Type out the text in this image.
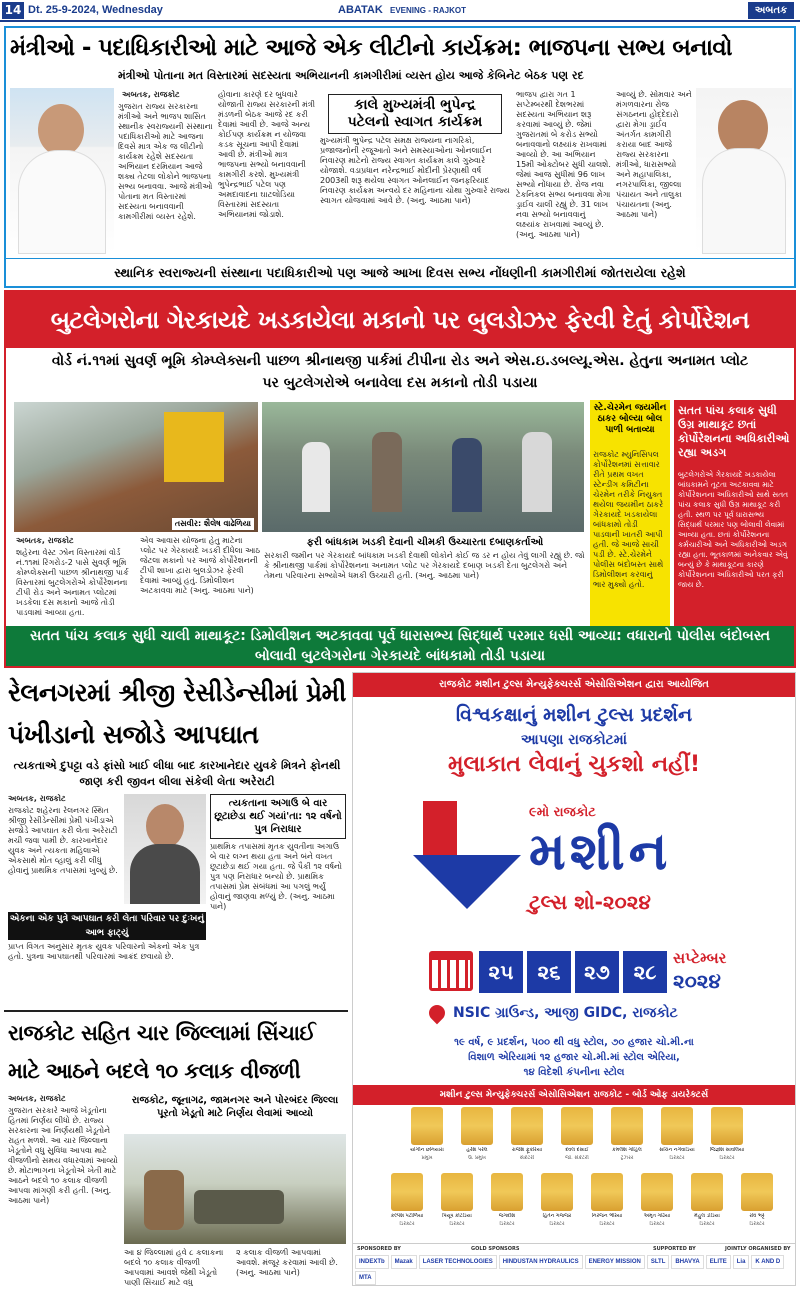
14 Dt. 25-9-2024, Wednesday	ABATAK EVENING - RAJKOT	અબતક
મંત્રીઓ - પદાધિકારીઓ માટે આજે એક લીટીનો કાર્યક્રમ: ભાજપના સભ્ય બનાવો
મંત્રીઓ પોતાના મત વિસ્તારમાં સદસ્યતા અભિયાનની કામગીરીમાં વ્યસ્ત હોય આજે કેબિનેટ બેઠક પણ રદ
અબતક, રાજકોટ
ગુજરાત રાજ્ય સરકારના મંત્રીઓ અને ભાજપ શાસિત સ્થાનીક સ્વરાજ્યની સંસ્થાના પદાધિકારીઓ માટે આજના દિવસે માત્ર એક જ લીટીનો કાર્યક્રમ રહેશે સદસ્યતા અભિયાન દરમિયાન આજે શક્ય તેટલા લોકોને ભાજપના સભ્ય બનાવવા. આજે મંત્રીઓ પોતાના મત વિસ્તારમાં સદસ્યતા બનાવવાની કામગીરીમાં વ્યસ્ત રહેશે.
હોવાના કારણે દર બુધવારે યોજાતી રાજ્ય સરકારની મંત્રી મંડળની બેઠક આજે રદ કરી દેવામાં આવી છે. આજે અન્ય કોઈપણ કાર્યક્રમ ન યોજવા કડક સૂચના આપી દેવામાં આવી છે. મંત્રીઓ માત્ર ભાજપના સભ્યો બનાવવાની કામગીરી કરશે. મુખ્યમંત્રી ભુપેન્દ્રભાઈ પટેલ પણ અમદાવાદના ઘાટલોડિયા વિસ્તારમાં સદસ્યતા અભિયાનમાં જોડાશે.
કાલે મુખ્યમંત્રી ભુપેન્દ્ર પટેલનો સ્વાગત કાર્યક્રમ
મુખ્યમંત્રી ભુપેન્દ્ર પટેલ સમક્ષ રાજ્યના નાગરિકો, પ્રજાજનોની રજૂઆતો અને સમસ્યાઓના ઓનલાઈન નિવારણ માટેનો રાજ્ય સ્વાગત કાર્યક્રમ કાલે ગુરુવારે યોજાશે. વડાપ્રધાન નરેન્દ્રભાઈ મોદીની પ્રેરણાથી વર્ષ 2003થી શરૂ થયેલા સ્વાગત ઓનલાઈન જનફરિયાદ નિવારણ કાર્યક્રમ અન્વયે દર મહિનાના ચોથા ગુરુવારે રાજ્ય સ્વાગત યોજવામાં આવે છે. (અનુ. આઠમા પાને)
ભાજપ દ્વારા ગત 1 સપ્ટેમ્બરથી દેશભરમાં સદસ્યતા અભિયાન શરૂ કરવામાં આવ્યું છે. જેમાં ગુજરાતમાં બે કરોડ સભ્યો બનાવવાનો લક્ષ્યાંક રાખવામાં આવ્યો છે. આ અભિયાન 15મી ઓક્ટોબર સુધી ચાલશે. જેમાં આજ સુધીમાં 96 લાખ સભ્યો નોંધાયા છે. રોજ નવા ટેકનિકલ સભ્ય બનાવવા મેગા ડ્રાઈવ ચાલી રહ્યું છે. 31 લાખ નવા સભ્યો બનાવવાનું લક્ષ્યાંક રાખવામાં આવ્યું છે. (અનુ. આઠમા પાને)
આવ્યું છે. સોમવાર અને મંગળવારના રોજ સંગઠનના હોદ્દેદારો દ્વારા મેગા ડ્રાઈવ અંતર્ગત કામગીરી કરાયા બાદ આજે રાજ્ય સરકારના મંત્રીઓ, ધારાસભ્યો અને મહાપાલિકા, નગરપાલિકા, જીલ્લા પંચાયત અને તાલુકા પંચાયતના (અનુ. આઠમા પાને)
સ્થાનિક સ્વરાજ્યની સંસ્થાના પદાધિકારીઓ પણ આજે આખા દિવસ સભ્ય નોંધણીની કામગીરીમાં જોતરાયેલા રહેશે
બુટલેગરોના ગેરકાયદે ખડકાયેલા મકાનો પર બુલડોઝર ફેરવી દેતું કોર્પોરેશન
વોર્ડ નં.૧૧માં સુવર્ણ ભૂમિ કોમ્પ્લેક્સની પાછળ શ્રીનાથજી પાર્કમાં ટીપીના રોડ અને એસ.ઇ.ડબલ્યૂ.એસ. હેતુના અનામત પ્લોટ પર બુટલેગરોએ બનાવેલા દસ મકાનો તોડી પડાયા
તસવીર: શૈલેષ વાઢેળિયા
સ્ટે.ચેરમેન જયમીન ઠાકર બોલ્યા બોલ પાળી બતાવ્યા
રાજકોટ મ્યુનિસિપલ કોર્પોરેશનમાં સત્તાવાર રીતે પ્રથમ વખત સ્ટેન્ડીંગ કમિટીના ચેરમેન તરીકે નિયુક્ત થયેલા જયમીન ઠાકરે ગેરકાયદે ખડકાયેલા બાંધકામો તોડી પાડવાની ખાતરી આપી હતી. જે આજે સાચી પડી છે. સ્ટે.ચેરમેને પોલીસ બંદોબસ્ત સાથે ડિમોલીશન કરવાનું ભાર મુક્યો હતો.
સતત પાંચ કલાક સુધી ઉગ્ર માથાકૂટ છતાં કોર્પોરેશનના અધિકારીઓ રહ્યા અડગ
બુટલેગરોએ ગેરકાયદે ખડકાયેલા બાંધકામને તૂટતા અટકાવવા માટે કોર્પોરેશનના અધિકારીઓ સાથે સતત પાંચ કલાક સુધી ઉગ્ર માથાકૂટ કરી હતી. સ્થળ પર પૂર્વ ધારાસભ્ય સિદ્ધાર્થ પરમાર પણ બોલાવી લેવામાં આવ્યા હતા. છતાં કોર્પોરેશનના કર્મચારીઓ અને અધિકારીઓ અડગ રહ્યા હતા. ભૂતકાળમાં અનેકવાર એવું બન્યું છે કે માથાકૂટના કારણે કોર્પોરેશનના અધિકારીઓ પરત ફરી જાય છે.
અબતક, રાજકોટ
શહેરના વેસ્ટ ઝોન વિસ્તારમાં વોર્ડ નં.૧૧માં રિંગરોડ-2 પાસે સુવર્ણ ભૂમિ કોમ્પ્લેક્સની પાછળ શ્રીનાથજી પાર્ક વિસ્તારમાં બુટલેગરોએ કોર્પોરેશનના ટીપી રોડ અને અનામત પ્લોટમાં ખડકેલા દસ મકાનો આજે તોડી પાડવામાં આવ્યા હતા.
એવ આવાસ યોજના હેતુ માટેના પ્લોટ પર ગેરકાયદે ખડકી દીધેલા આઠ જેટલા મકાનો પર આજે કોર્પોરેશનની ટીપી શાખા દ્વારા બુલડોઝર ફેરવી દેવામાં આવ્યું હતું. ડિમોલીશન અટકાવવા માટે (અનુ. આઠમા પાને)
ફરી બાંધકામ ખડકી દેવાની ચીમકી ઉચ્ચારતા દબાણકર્તાઓ
સરકારી જમીન પર ગેરકાયદે બાંધકામ ખડકી દેવાથી લોકોને કોઈ જ ડર ન હોય તેવું લાગી રહ્યું છે. જો કે શ્રીનાથજી પાર્કમાં કોર્પોરેશનના અનામત પ્લોટ પર ગેરકાયદે દબાણ ખડકી દેતા બુટલેગરો અને તેમના પરિવારના સભ્યોએ ધમકી ઉચ્ચારી હતી. (અનુ. આઠમા પાને)
સતત પાંચ કલાક સુધી ચાલી માથાકૂટ: ડિમોલીશન અટકાવવા પૂર્વ ધારાસભ્ય સિદ્ધાર્થ પરમાર ધસી આવ્યા: વધારાનો પોલીસ બંદોબસ્ત બોલાવી બુટલેગરોના ગેરકાયદે બાંધકામો તોડી પડાયા
રેલનગરમાં શ્રીજી રેસીડેન્સીમાં પ્રેમી પંખીડાનો સજોડે આપઘાત
ત્યકતાએ દુપટ્ટા વડે ફાંસો ખાઈ લીધા બાદ કારખાનેદાર યુવકે મિત્રને ફોનથી જાણ કરી જીવન લીલા સંકેલી લેતા અરેરાટી
અબતક, રાજકોટ
રાજકોટ શહેરના રેલનગર સ્થિત શ્રીજી રેસીડેન્સીમાં પ્રેમી પંખીડાએ સજોડે આપઘાત કરી લેતા અરેરાટી મચી જવા પામી છે. કારખાનેદાર યુવક અને ત્યકતા મહિલાએ એકસાથે મોત વ્હાલું કરી લીધું હોવાનું પ્રાથમિક તપાસમાં ખુલ્યું છે.
ત્યકતાના અગાઉ બે વાર છૂટાછેડા થઈ ગયાં'તા: ૧૨ વર્ષનો પુત્ર નિરાધાર
પ્રાથમિક તપાસમાં મૃતક યુવતીના અગાઉ બે વાર લગ્ન થયા હતા અને બંને વખત છૂટાછેડા થઈ ગયા હતા. જે પૈકી ૧૨ વર્ષનો પુત્ર પણ નિરાધાર બન્યો છે. પ્રાથમિક તપાસમાં પ્રેમ સંબંધમાં આ પગલું ભર્યું હોવાનું જાણવા મળ્યું છે. (અનુ. આઠમા પાને)
એકના એક પુત્રે આપઘાત કરી લેતા પરિવાર પર દુઃખનું આભ ફાટ્યું
પ્રાપ્ત વિગત અનુસાર મૃતક યુવક પરિવારનો એકનો એક પુત્ર હતો. પુત્રના આપઘાતથી પરિવારમાં આક્રંદ છવાયો છે.
રાજકોટ સહિત ચાર જિલ્લામાં સિંચાઈ માટે આઠને બદલે ૧૦ કલાક વીજળી
અબતક, રાજકોટ
ગુજરાત સરકારે આજે ખેડૂતોના હિતમાં નિર્ણય લીધો છે. રાજ્ય સરકારના આ નિર્ણયથી ખેડૂતોને રાહત મળશે. આ ચાર જિલ્લાના ખેડૂતોને વધુ સુવિધા આપવા માટે વીજળીનો સમય વધારવામાં આવ્યો છે. મોટાભાગના ખેડૂતોએ ખેતી માટે આઠને બદલે ૧૦ કલાક વીજળી આપવા માંગણી કરી હતી. (અનુ. આઠમા પાને)
રાજકોટ, જૂનાગઢ, જામનગર અને પોરબંદર જિલ્લા પૂરતો ખેડૂતો માટે નિર્ણય લેવામાં આવ્યો
આ ૪ જિલ્લામાં હવે ૮ કલાકના બદલે ૧૦ કલાક વીજળી આપવામાં આવશે જેથી ખેડૂતો પાણી સિંચાઈ માટે વધુ
૨ કલાક વીજળી આપવામાં આવશે. મંજૂર કરવામાં આવી છે. (અનુ. આઠમા પાને)
રાજકોટ મશીન ટુલ્સ મેન્યુફેક્ચરર્સ એસોસિએશન દ્વારા આયોજિત
વિશ્વકક્ષાનું મશીન ટુલ્સ પ્રદર્શન
આપણા રાજકોટમાં
મુલાકાત લેવાનું ચુકશો નહીં!
૯મો રાજકોટ
મશીન
ટુલ્સ શો-૨૦૨૪
૨૫	૨૬	૨૭	૨૮
સપ્ટેમ્બર
૨૦૨૪
NSIC ગ્રાઉન્ડ, આજી GIDC, રાજકોટ
૧૯ વર્ષ, ૯ પ્રદર્શન, ૫૦૦ થી વધુ સ્ટોલ, ૭૦ હજાર ચો.મી.ના
વિશાળ એરિયામાં ૧૨ હજાર ચો.મી.માં સ્ટોલ એરિયા,
૧૪ વિદેશી કંપનીના સ્ટોલ
મશીન ટુલ્સ મેન્યુફેક્ચરર્સ એસોસિએશન રાજકોટ - બોર્ડ ઓફ ડાયરેક્ટર્સ
યોગીન છનિયારા
પ્રમુખ
હરેશ પરેલ
ઉ. પ્રમુખ
રાજેશ ફૂકરિયા
સેક્રેટરી
દેવલ દેસાઈ
જો. સેક્રેટરી
કમલેશ ગોહિલ
ટ્રેઝરર
સચિન નગેવાડિયા
ડિરેક્ટર
જિજ્ઞેશ સાવલિયા
ડિરેક્ટર
કલ્પેશ પટોળિયા
ડિરેક્ટર
પિયૂષ કોટડિયા
ડિરેક્ટર
જગદીશ
ડિરેક્ટર
હિતેન ગજ્જર
ડિરેક્ટર
નિરંજન ભેરિયા
ડિરેક્ટર
અમૃત ગઢિયા
ડિરેક્ટર
મેહુલ ડોડિયા
ડિરેક્ટર
રવિ ભટ્ટ
ડિરેક્ટર
SPONSORED BY	GOLD SPONSORS	SUPPORTED BY	JOINTLY ORGANISED BY
INDEXTb	Mazak	LASER TECHNOLOGIES	HINDUSTAN HYDRAULICS	ENERGY MISSION	SLTL	BHAVYA	ELITE	Lia	K AND D
MTA
